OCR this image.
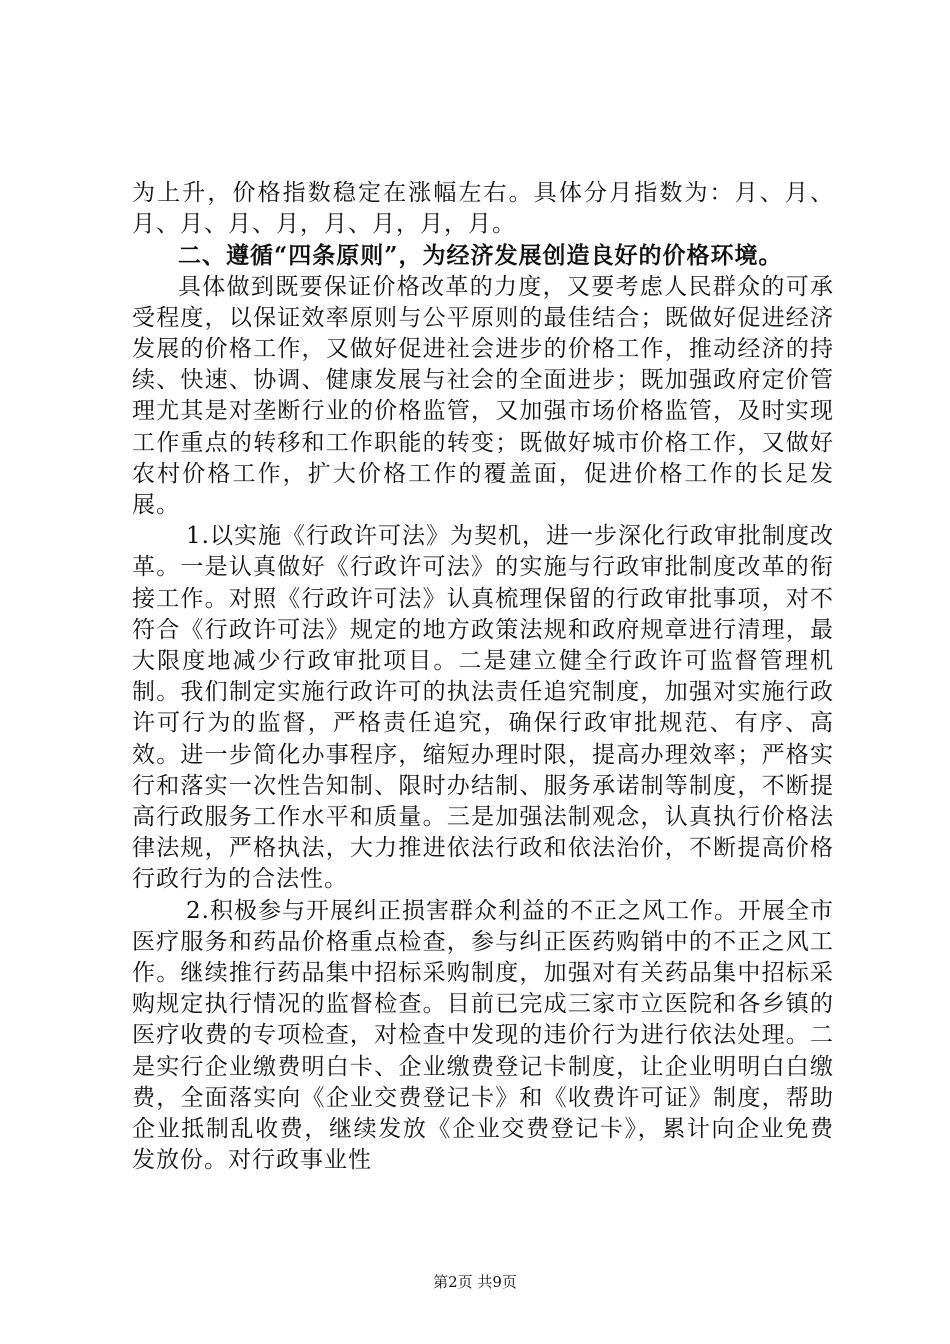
为上升，价格指数稳定在涨幅左右。具体分月指数为：月、月、月、月、月、月，月、月，月，月。

二、遵循“四条原则”，为经济发展创造良好的价格环境。

具体做到既要保证价格改革的力度，又要考虑人民群众的可承受程度，以保证效率原则与公平原则的最佳结合；既做好促进经济发展的价格工作，又做好促进社会进步的价格工作，推动经济的持续、快速、协调、健康发展与社会的全面进步；既加强政府定价管理尤其是对垄断行业的价格监管，又加强市场价格监管，及时实现工作重点的转移和工作职能的转变；既做好城市价格工作，又做好农村价格工作，扩大价格工作的覆盖面，促进价格工作的长足发展。

1.以实施《行政许可法》为契机，进一步深化行政审批制度改革。一是认真做好《行政许可法》的实施与行政审批制度改革的衔接工作。对照《行政许可法》认真梳理保留的行政审批事项，对不符合《行政许可法》规定的地方政策法规和政府规章进行清理，最大限度地减少行政审批项目。二是建立健全行政许可监督管理机制。我们制定实施行政许可的执法责任追究制度，加强对实施行政许可行为的监督，严格责任追究，确保行政审批规范、有序、高效。进一步简化办事程序，缩短办理时限，提高办理效率；严格实行和落实一次性告知制、限时办结制、服务承诺制等制度，不断提高行政服务工作水平和质量。三是加强法制观念，认真执行价格法律法规，严格执法，大力推进依法行政和依法治价，不断提高价格行政行为的合法性。

2.积极参与开展纠正损害群众利益的不正之风工作。开展全市医疗服务和药品价格重点检查，参与纠正医药购销中的不正之风工作。继续推行药品集中招标采购制度，加强对有关药品集中招标采购规定执行情况的监督检查。目前已完成三家市立医院和各乡镇的医疗收费的专项检查，对检查中发现的违价行为进行依法处理。二是实行企业缴费明白卡、企业缴费登记卡制度，让企业明明白白缴费，全面落实向《企业交费登记卡》和《收费许可证》制度，帮助企业抵制乱收费，继续发放《企业交费登记卡》，累计向企业免费发放份。对行政事业性

第2页 共9页
